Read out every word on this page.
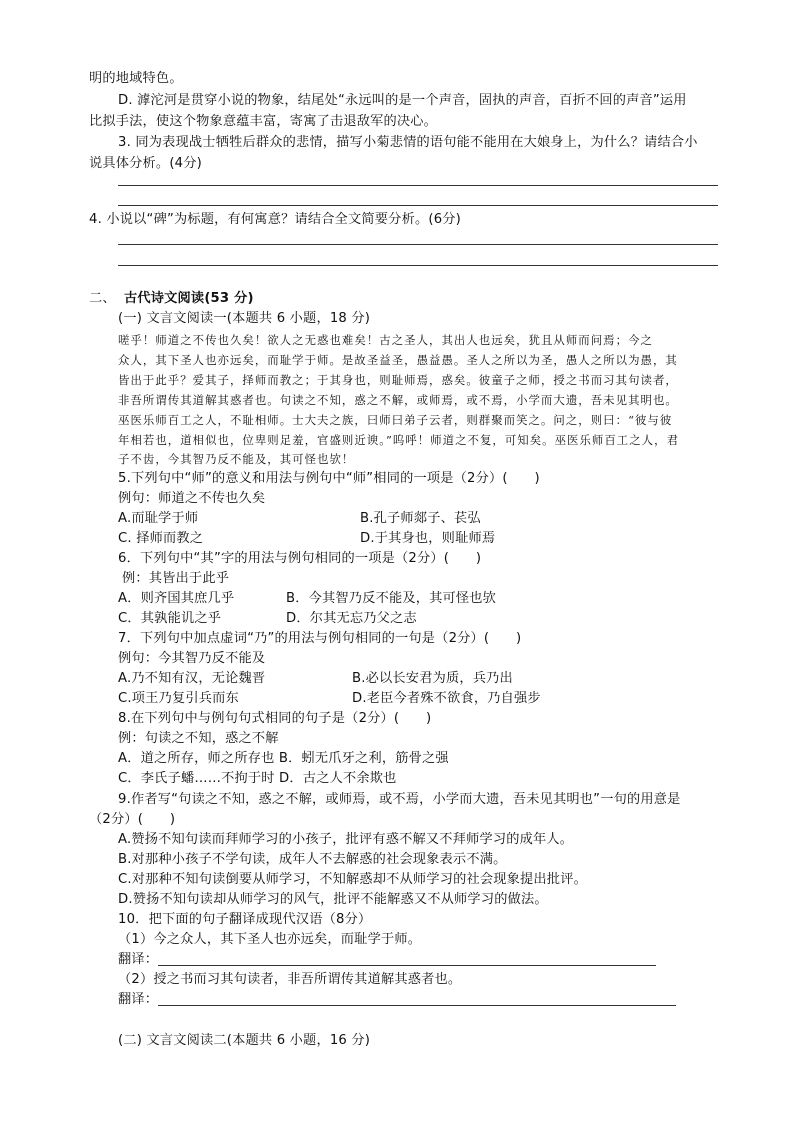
明的地域特色。
D. 滹沱河是贯穿小说的物象，结尾处“永远叫的是一个声音，固执的声音，百折不回的声音”运用
比拟手法，使这个物象意蕴丰富，寄寓了击退敌军的决心。
3. 同为表现战士牺牲后群众的悲情，描写小菊悲情的语句能不能用在大娘身上，为什么？请结合小
说具体分析。(4分)
4. 小说以“碑”为标题，有何寓意？请结合全文简要分析。(6分)
二、 古代诗文阅读(53 分)
(一) 文言文阅读一(本题共 6 小题，18 分)
嗟乎！师道之不传也久矣！欲人之无惑也难矣！古之圣人，其出人也远矣，犹且从师而问焉；今之
众人，其下圣人也亦远矣，而耻学于师。是故圣益圣，愚益愚。圣人之所以为圣，愚人之所以为愚，其
皆出于此乎？爱其子，择师而教之；于其身也，则耻师焉，惑矣。彼童子之师，授之书而习其句读者，
非吾所谓传其道解其惑者也。句读之不知，惑之不解，或师焉，或不焉，小学而大遗，吾未见其明也。
巫医乐师百工之人，不耻相师。士大夫之族，曰师曰弟子云者，则群聚而笑之。问之，则曰：“彼与彼
年相若也，道相似也，位卑则足羞，官盛则近谀。”呜呼！师道之不复，可知矣。巫医乐师百工之人，君
子不齿，今其智乃反不能及，其可怪也欤！
5.下列句中“师”的意义和用法与例句中“师”相同的一项是（2分）(　　)
例句：师道之不传也久矣
A.而耻学于师	B.孔子师郯子、苌弘
C. 择师而教之	D.于其身也，则耻师焉
6．下列句中“其”字的用法与例句相同的一项是（2分）(　　)
例：其皆出于此乎
A．则齐国其庶几乎	B．今其智乃反不能及，其可怪也欤
C．其孰能讥之乎	D．尔其无忘乃父之志
7．下列句中加点虚词“乃”的用法与例句相同的一句是（2分）(　　)
例句：今其智乃反不能及
A.乃不知有汉，无论魏晋	B.必以长安君为质，兵乃出
C.项王乃复引兵而东	D.老臣今者殊不欲食，乃自强步
8.在下列句中与例句句式相同的句子是（2分）(　　)
例：句读之不知，惑之不解
A．道之所存，师之所存也 B．蚓无爪牙之利，筋骨之强
C．李氏子蟠……不拘于时 D．古之人不余欺也
9.作者写“句读之不知，惑之不解，或师焉，或不焉，小学而大遗，吾未见其明也”一句的用意是
（2分）(　　)
A.赞扬不知句读而拜师学习的小孩子，批评有惑不解又不拜师学习的成年人。
B.对那种小孩子不学句读，成年人不去解惑的社会现象表示不满。
C.对那种不知句读倒要从师学习，不知解惑却不从师学习的社会现象提出批评。
D.赞扬不知句读却从师学习的风气，批评不能解惑又不从师学习的做法。
10．把下面的句子翻译成现代汉语（8分）
（1）今之众人，其下圣人也亦远矣，而耻学于师。
翻译：
（2）授之书而习其句读者，非吾所谓传其道解其惑者也。
翻译：
(二) 文言文阅读二(本题共 6 小题，16 分)
